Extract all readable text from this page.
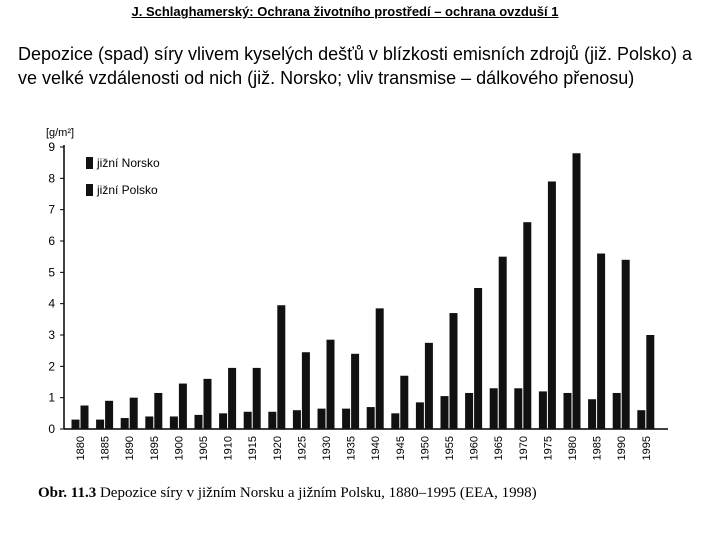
J. Schlaghamerský: Ochrana životního prostředí – ochrana ovzduší 1
Depozice (spad) síry vlivem kyselých dešťů v blízkosti emisních zdrojů (již. Polsko) a ve velké vzdálenosti od nich (již. Norsko; vliv transmise – dálkového přenosu)
[g/m²]
0
1
2
3
4
5
6
7
8
9
1880 1885 1890 1895 1900 1905 1910 1915 1920 1925 1930 1935 1940 1945 1950 1955 1960 1965 1970 1975 1980 1985 1990 1995
jižní Norsko
jižní Polsko
Obr. 11.3 Depozice síry v jižním Norsku a jižním Polsku, 1880–1995 (EEA, 1998)
